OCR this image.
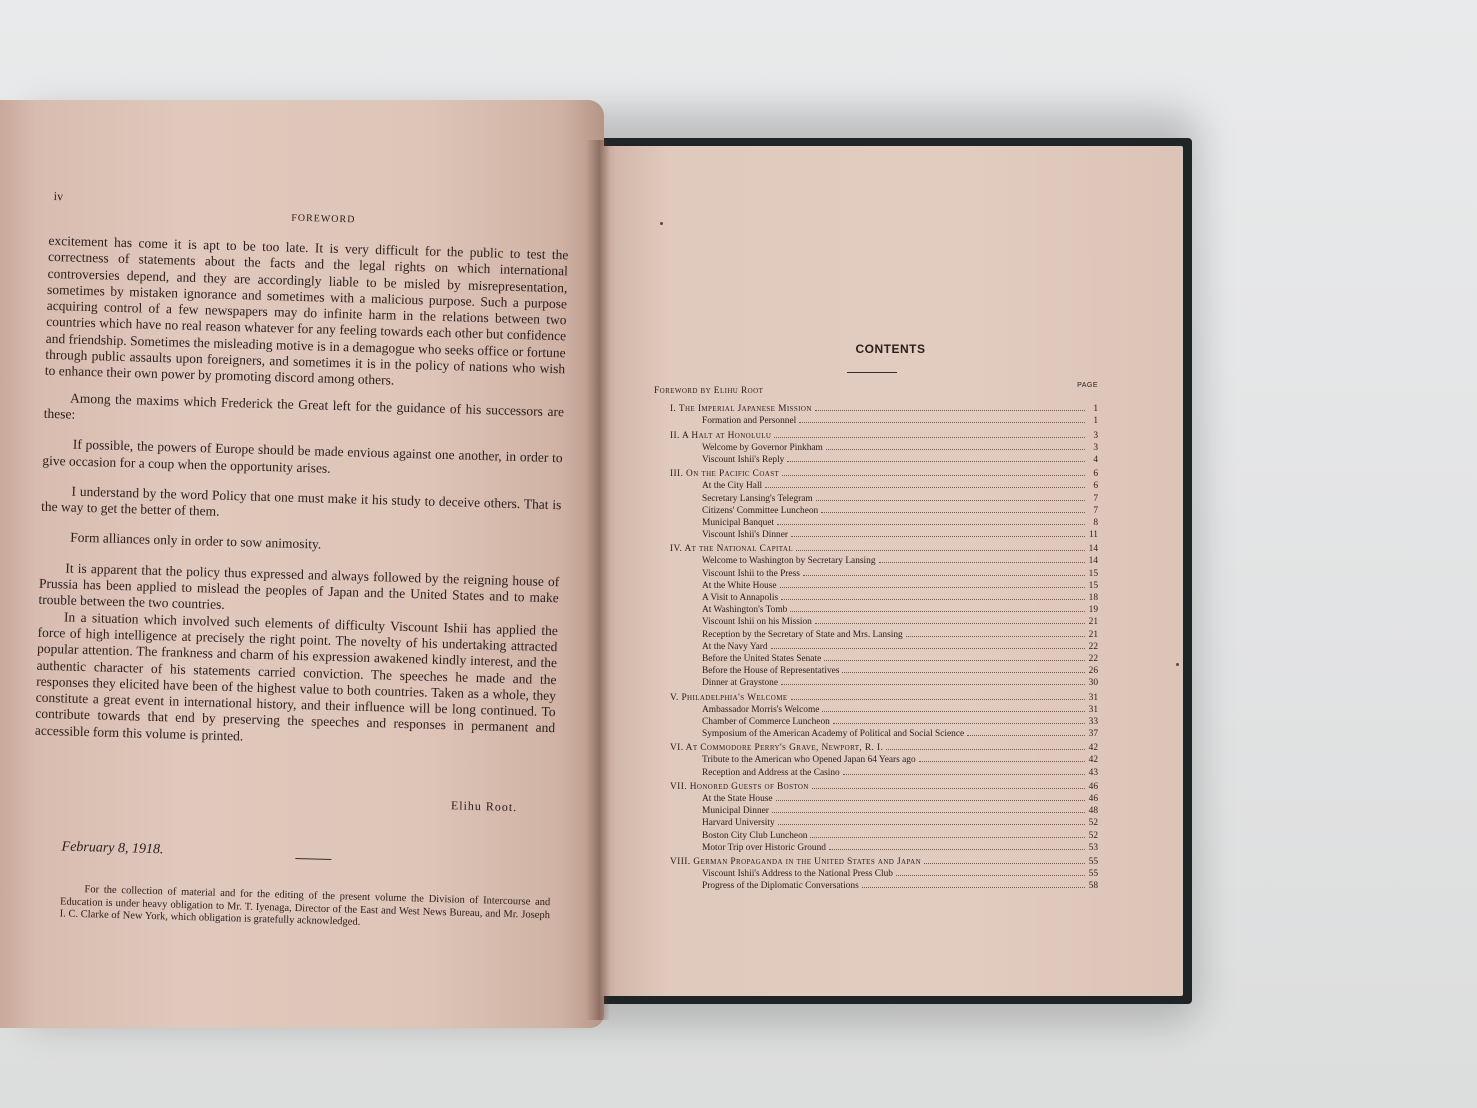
iv
FOREWORD

excitement has come it is apt to be too late. It is very difficult for the public to test the correctness of statements about the facts and the legal rights on which international controversies depend, and they are accordingly liable to be misled by misrepresentation, sometimes by mistaken ignorance and sometimes with a malicious purpose. Such a purpose acquiring control of a few newspapers may do infinite harm in the relations between two countries which have no real reason whatever for any feeling towards each other but confidence and friendship. Sometimes the misleading motive is in a demagogue who seeks office or fortune through public assaults upon foreigners, and sometimes it is in the policy of nations who wish to enhance their own power by promoting discord among others.

Among the maxims which Frederick the Great left for the guidance of his successors are these:

If possible, the powers of Europe should be made envious against one another, in order to give occasion for a coup when the opportunity arises.

I understand by the word Policy that one must make it his study to deceive others. That is the way to get the better of them.

Form alliances only in order to sow animosity.

It is apparent that the policy thus expressed and always followed by the reigning house of Prussia has been applied to mislead the peoples of Japan and the United States and to make trouble between the two countries.

In a situation which involved such elements of difficulty Viscount Ishii has applied the force of high intelligence at precisely the right point. The novelty of his undertaking attracted popular attention. The frankness and charm of his expression awakened kindly interest, and the authentic character of his statements carried conviction. The speeches he made and the responses they elicited have been of the highest value to both countries. Taken as a whole, they constitute a great event in international history, and their influence will be long continued. To contribute towards that end by preserving the speeches and responses in permanent and accessible form this volume is printed.

Elihu Root.
February 8, 1918.

For the collection of material and for the editing of the present volume the Division of Intercourse and Education is under heavy obligation to Mr. T. Iyenaga, Director of the East and West News Bureau, and Mr. Joseph I. C. Clarke of New York, which obligation is gratefully acknowledged.

CONTENTS
PAGE
Foreword by Elihu Root
I. The Imperial Japanese Mission	1
Formation and Personnel	1
II. A Halt at Honolulu	3
Welcome by Governor Pinkham	3
Viscount Ishii's Reply	4
III. On the Pacific Coast	6
At the City Hall	6
Secretary Lansing's Telegram	7
Citizens' Committee Luncheon	7
Municipal Banquet	8
Viscount Ishii's Dinner	11
IV. At the National Capital	14
Welcome to Washington by Secretary Lansing	14
Viscount Ishii to the Press	15
At the White House	15
A Visit to Annapolis	18
At Washington's Tomb	19
Viscount Ishii on his Mission	21
Reception by the Secretary of State and Mrs. Lansing	21
At the Navy Yard	22
Before the United States Senate	22
Before the House of Representatives	26
Dinner at Graystone	30
V. Philadelphia's Welcome	31
Ambassador Morris's Welcome	31
Chamber of Commerce Luncheon	33
Symposium of the American Academy of Political and Social Science	37
VI. At Commodore Perry's Grave, Newport, R. I.	42
Tribute to the American who Opened Japan 64 Years ago	42
Reception and Address at the Casino	43
VII. Honored Guests of Boston	46
At the State House	46
Municipal Dinner	48
Harvard University	52
Boston City Club Luncheon	52
Motor Trip over Historic Ground	53
VIII. German Propaganda in the United States and Japan	55
Viscount Ishii's Address to the National Press Club	55
Progress of the Diplomatic Conversations	58
